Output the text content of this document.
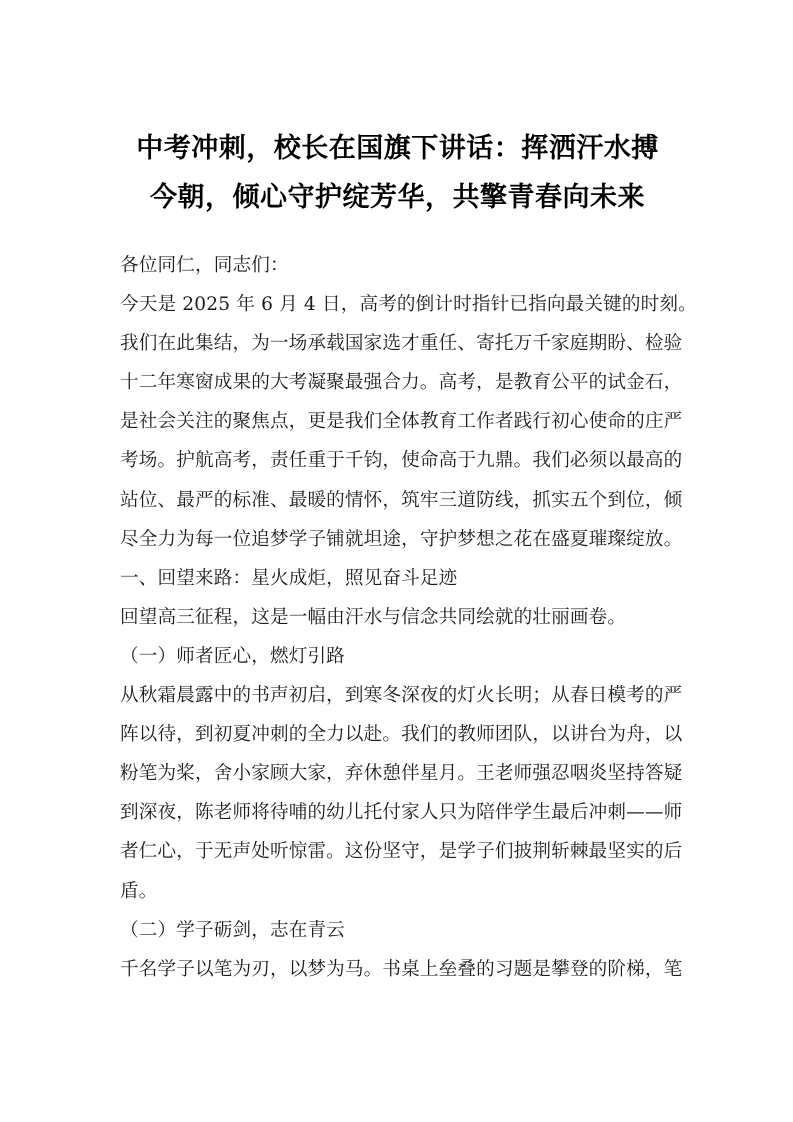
中考冲刺，校长在国旗下讲话：挥洒汗水搏
今朝，倾心守护绽芳华，共擎青春向未来
各位同仁，同志们：
今天是 2025 年 6 月 4 日，高考的倒计时指针已指向最关键的时刻。
我们在此集结，为一场承载国家选才重任、寄托万千家庭期盼、检验
十二年寒窗成果的大考凝聚最强合力。高考，是教育公平的试金石，
是社会关注的聚焦点，更是我们全体教育工作者践行初心使命的庄严
考场。护航高考，责任重于千钧，使命高于九鼎。我们必须以最高的
站位、最严的标准、最暖的情怀，筑牢三道防线，抓实五个到位，倾
尽全力为每一位追梦学子铺就坦途，守护梦想之花在盛夏璀璨绽放。
一、回望来路：星火成炬，照见奋斗足迹
回望高三征程，这是一幅由汗水与信念共同绘就的壮丽画卷。
（一）师者匠心，燃灯引路
从秋霜晨露中的书声初启，到寒冬深夜的灯火长明；从春日模考的严
阵以待，到初夏冲刺的全力以赴。我们的教师团队，以讲台为舟，以
粉笔为桨，舍小家顾大家，弃休憩伴星月。王老师强忍咽炎坚持答疑
到深夜，陈老师将待哺的幼儿托付家人只为陪伴学生最后冲刺——师
者仁心，于无声处听惊雷。这份坚守，是学子们披荆斩棘最坚实的后
盾。
（二）学子砺剑，志在青云
千名学子以笔为刃，以梦为马。书桌上垒叠的习题是攀登的阶梯，笔
